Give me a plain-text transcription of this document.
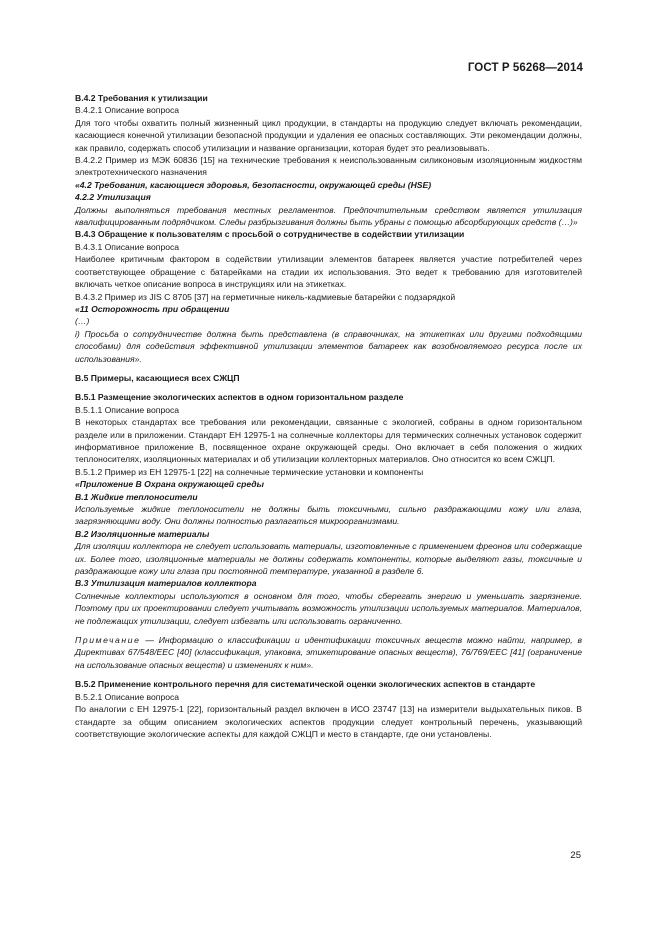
ГОСТ Р 56268—2014

В.4.2 Требования к утилизации

В.4.2.1 Описание вопроса

Для того чтобы охватить полный жизненный цикл продукции, в стандарты на продукцию следует включать рекомендации, касающиеся конечной утилизации безопасной продукции и удаления ее опасных составляющих. Эти рекомендации должны, как правило, содержать способ утилизации и название организации, которая будет это реализовывать.

В.4.2.2 Пример из МЭК 60836 [15] на технические требования к неиспользованным силиконовым изоляционным жидкостям электротехнического назначения

«4.2 Требования, касающиеся здоровья, безопасности, окружающей среды (HSE)

4.2.2 Утилизация

Должны выполняться требования местных регламентов. Предпочтительным средством является утилизация квалифицированным подрядчиком. Следы разбрызгивания должны быть убраны с помощью абсорбирующих средств (…)»

В.4.3 Обращение к пользователям с просьбой о сотрудничестве в содействии утилизации

В.4.3.1 Описание вопроса

Наиболее критичным фактором в содействии утилизации элементов батареек является участие потребителей через соответствующее обращение с батарейками на стадии их использования. Это ведет к требованию для изготовителей включать четкое описание вопроса в инструкциях или на этикетках.

В.4.3.2 Пример из JIS C 8705 [37] на герметичные никель-кадмиевые батарейки с подзарядкой

«11 Осторожность при обращении

(…)

i) Просьба о сотрудничестве должна быть представлена (в справочниках, на этикетках или другими подходящими способами) для содействия эффективной утилизации элементов батареек как возобновляемого ресурса после их использования».

В.5 Примеры, касающиеся всех СЖЦП

В.5.1 Размещение экологических аспектов в одном горизонтальном разделе

В.5.1.1 Описание вопроса

В некоторых стандартах все требования или рекомендации, связанные с экологией, собраны в одном горизонтальном разделе или в приложении. Стандарт ЕН 12975-1 на солнечные коллекторы для термических солнечных установок содержит информативное приложение В, посвященное охране окружающей среды. Оно включает в себя положения о жидких теплоносителях, изоляционных материалах и об утилизации коллекторных материалов. Оно относится ко всем СЖЦП.

В.5.1.2 Пример из ЕН 12975-1 [22] на солнечные термические установки и компоненты

«Приложение В Охрана окружающей среды

В.1 Жидкие теплоносители

Используемые жидкие теплоносители не должны быть токсичными, сильно раздражающими кожу или глаза, загрязняющими воду. Они должны полностью разлагаться микроорганизмами.

В.2 Изоляционные материалы

Для изоляции коллектора не следует использовать материалы, изготовленные с применением фреонов или содержащие их. Более того, изоляционные материалы не должны содержать компоненты, которые выделяют газы, токсичные и раздражающие кожу или глаза при постоянной температуре, указанной в разделе 6.

В.3 Утилизация материалов коллектора

Солнечные коллекторы используются в основном для того, чтобы сберегать энергию и уменьшать загрязнение. Поэтому при их проектировании следует учитывать возможность утилизации используемых материалов. Материалов, не подлежащих утилизации, следует избегать или использовать ограниченно.

Примечание — Информацию о классификации и идентификации токсичных веществ можно найти, например, в Директивах 67/548/ЕЕС [40] (классификация, упаковка, этикетирование опасных веществ), 76/769/ЕЕС [41] (ограничение на использование опасных веществ) и изменениях к ним».

В.5.2 Применение контрольного перечня для систематической оценки экологических аспектов в стандарте

В.5.2.1 Описание вопроса

По аналогии с ЕН 12975-1 [22], горизонтальный раздел включен в ИСО 23747 [13] на измерители выдыхательных пиков. В стандарте за общим описанием экологических аспектов продукции следует контрольный перечень, указывающий соответствующие экологические аспекты для каждой СЖЦП и место в стандарте, где они установлены.

25
